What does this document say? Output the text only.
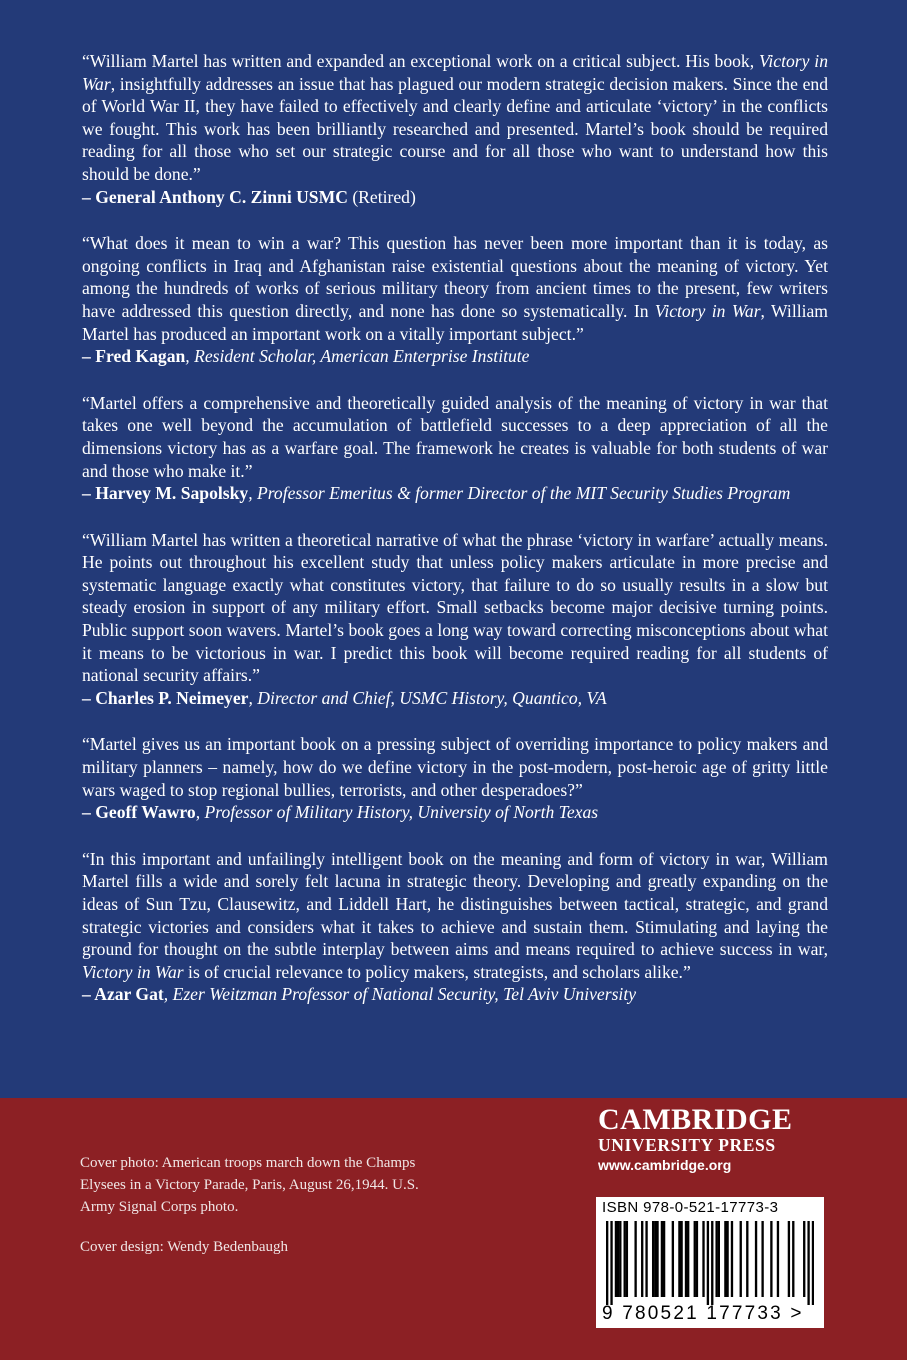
“William Martel has written and expanded an exceptional work on a critical subject. His book, Victory in War, insightfully addresses an issue that has plagued our modern strategic decision makers. Since the end of World War II, they have failed to effectively and clearly define and articulate ‘victory’ in the conflicts we fought. This work has been brilliantly researched and presented. Martel’s book should be required reading for all those who set our strategic course and for all those who want to understand how this should be done.”
– General Anthony C. Zinni USMC (Retired)
“What does it mean to win a war? This question has never been more important than it is today, as ongoing conflicts in Iraq and Afghanistan raise existential questions about the meaning of victory. Yet among the hundreds of works of serious military theory from ancient times to the present, few writers have addressed this question directly, and none has done so systematically. In Victory in War, William Martel has produced an important work on a vitally important subject.”
– Fred Kagan, Resident Scholar, American Enterprise Institute
“Martel offers a comprehensive and theoretically guided analysis of the meaning of victory in war that takes one well beyond the accumulation of battlefield successes to a deep appreciation of all the dimensions victory has as a warfare goal. The framework he creates is valuable for both students of war and those who make it.”
– Harvey M. Sapolsky, Professor Emeritus & former Director of the MIT Security Studies Program
“William Martel has written a theoretical narrative of what the phrase ‘victory in warfare’ actually means. He points out throughout his excellent study that unless policy makers articulate in more precise and systematic language exactly what constitutes victory, that failure to do so usually results in a slow but steady erosion in support of any military effort. Small setbacks become major decisive turning points. Public support soon wavers. Martel’s book goes a long way toward correcting misconceptions about what it means to be victorious in war. I predict this book will become required reading for all students of national security affairs.”
– Charles P. Neimeyer, Director and Chief, USMC History, Quantico, VA
“Martel gives us an important book on a pressing subject of overriding importance to policy makers and military planners – namely, how do we define victory in the post-modern, post-heroic age of gritty little wars waged to stop regional bullies, terrorists, and other desperadoes?”
– Geoff Wawro, Professor of Military History, University of North Texas
“In this important and unfailingly intelligent book on the meaning and form of victory in war, William Martel fills a wide and sorely felt lacuna in strategic theory. Developing and greatly expanding on the ideas of Sun Tzu, Clausewitz, and Liddell Hart, he distinguishes between tactical, strategic, and grand strategic victories and considers what it takes to achieve and sustain them. Stimulating and laying the ground for thought on the subtle interplay between aims and means required to achieve success in war, Victory in War is of crucial relevance to policy makers, strategists, and scholars alike.”
– Azar Gat, Ezer Weitzman Professor of National Security, Tel Aviv University

Cover photo: American troops march down the Champs Elysees in a Victory Parade, Paris, August 26,1944. U.S. Army Signal Corps photo.

Cover design: Wendy Bedenbaugh

CAMBRIDGE
UNIVERSITY PRESS
www.cambridge.org
ISBN 978-0-521-17773-3
9 780521 177733 >
